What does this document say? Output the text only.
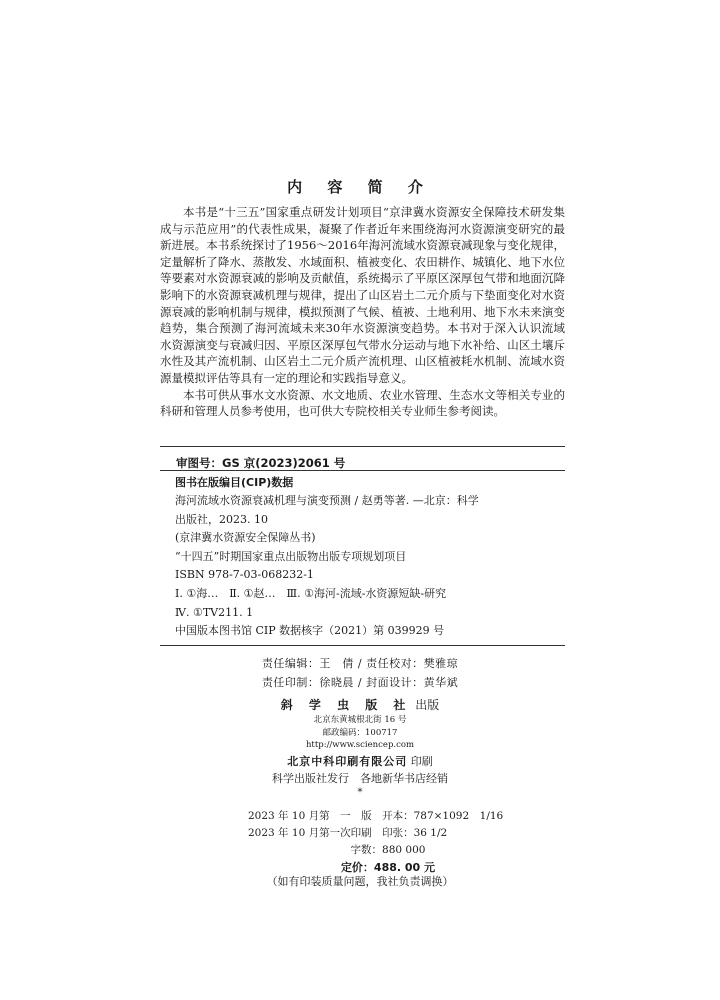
内 容 简 介

本书是“十三五”国家重点研发计划项目“京津冀水资源安全保障技术研发集成与示范应用”的代表性成果，凝聚了作者近年来围绕海河水资源演变研究的最新进展。本书系统探讨了1956～2016年海河流域水资源衰减现象与变化规律，定量解析了降水、蒸散发、水域面积、植被变化、农田耕作、城镇化、地下水位等要素对水资源衰减的影响及贡献值，系统揭示了平原区深厚包气带和地面沉降影响下的水资源衰减机理与规律，提出了山区岩土二元介质与下垫面变化对水资源衰减的影响机制与规律，模拟预测了气候、植被、土地利用、地下水未来演变趋势，集合预测了海河流域未来30年水资源演变趋势。本书对于深入认识流域水资源演变与衰减归因、平原区深厚包气带水分运动与地下水补给、山区土壤斥水性及其产流机制、山区岩土二元介质产流机理、山区植被耗水机制、流域水资源量模拟评估等具有一定的理论和实践指导意义。

本书可供从事水文水资源、水文地质、农业水管理、生态水文等相关专业的科研和管理人员参考使用，也可供大专院校相关专业师生参考阅读。

审图号：GS 京(2023)2061 号
图书在版编目(CIP)数据
海河流域水资源衰减机理与演变预测 / 赵勇等著. —北京：科学
出版社，2023. 10
(京津冀水资源安全保障丛书)
“十四五”时期国家重点出版物出版专项规划项目
ISBN 978-7-03-068232-1
Ⅰ. ①海…　Ⅱ. ①赵…　Ⅲ. ①海河-流域-水资源短缺-研究
Ⅳ. ①TV211. 1
中国版本图书馆 CIP 数据核字（2021）第 039929 号
责任编辑：王　倩 / 责任校对：樊雅琼
责任印制：徐晓晨 / 封面设计：黄华斌
斜 学 虫 版 社 出版
北京东黄城根北街 16 号
邮政编码：100717
http://www.sciencep.com
北京中科印刷有限公司 印刷
科学出版社发行　各地新华书店经销
*
2023 年 10 月第　一　版　开本：787×1092　1/16
2023 年 10 月第一次印刷　印张：36 1/2
字数：880 000
定价：488. 00 元
（如有印装质量问题，我社负责调换）
